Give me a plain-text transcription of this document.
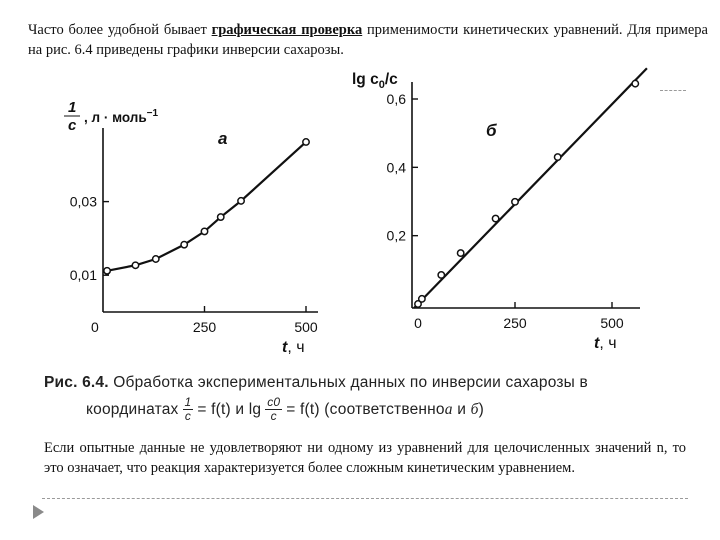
Часто более удобной бывает графическая проверка применимости кинетических уравнений. Для примера на рис. 6.4 приведены графики инверсии сахарозы.
1
c , л · моль$^{-1}$
а
0	250	500
0,01
0,03
t, ч
$\lg c_0/c$
б
0	250	500
0,2
0,4
0,6
t, ч
Рис. 6.4. Обработка экспериментальных данных по инверсии сахарозы в
координатах $\frac{1}{c} = f(t)$ и $\lg \frac{c0}{c} = f(t)$ (соответственно а и б )
Если опытные данные не удовлетворяют ни одному из уравнений для целочисленных значений n, то это означает, что реакция характеризуется более сложным кинетическим уравнением.
